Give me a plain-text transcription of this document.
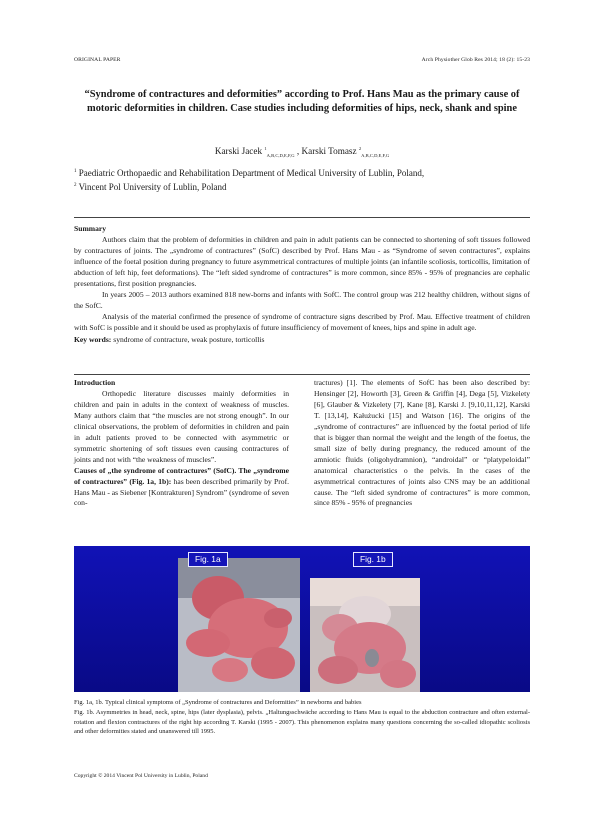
ORIGINAL PAPER	Arch Physiother Glob Res 2014; 18 (2): 15-23
“Syndrome of contractures and deformities” according to Prof. Hans Mau as the primary cause of motoric deformities in children. Case studies including deformities of hips, neck, shank and spine
Karski Jacek $^1_{A,B,C,D,E,F,G}$ , Karski Tomasz $^2_{A,B,C,D,E,F,G}$
$^1$ Paediatric Orthopaedic and Rehabilitation Department of Medical University of Lublin, Poland,
$^2$ Vincent Pol University of Lublin, Poland
Summary

Authors claim that the problem of deformities in children and pain in adult patients can be connected to shortening of soft tissues followed by contractures of joints. The „syndrome of contractures” (SofC) described by Prof. Hans Mau - as “Syndrome of seven contractures”, explains influence of the foetal position during pregnancy to future asymmetrical contractures of multiple joints (an infantile scoliosis, torticollis, limitation of abduction of left hip, feet deformations). The “left sided syndrome of contractures” is more common, since 85% - 95% of pregnancies are cephalic presentations, first position pregnancies.

In years 2005 – 2013 authors examined 818 new-borns and infants with SofC. The control group was 212 healthy children, without signs of the SofC.

Analysis of the material confirmed the presence of syndrome of contracture signs described by Prof. Mau. Effective treatment of children with SofC is possible and it should be used as prophylaxis of future insufficiency of movement of knees, hips and spine in adult age.

Key words: syndrome of contracture, weak posture, torticollis

Introduction

Orthopedic literature discusses mainly deformities in children and pain in adults in the context of weakness of muscles. Many authors claim that “the muscles are not strong enough”. In our clinical observations, the problem of deformities in children and pain in adult patients proved to be connected with asymmetric or symmetric shortening of soft tissues even causing contractures of joints and not with “the weakness of muscles”.

Causes of „the syndrome of contractures” (SofC). The „syndrome of contractures” (Fig. 1a, 1b): has been described primarily by Prof. Hans Mau - as Siebener [Kontrakturen] Syndrom” (syndrome of seven con-

tractures) [1]. The elements of SofC has been also described by: Hensinger [2], Howorth [3], Green & Griffin [4], Dega [5], Vizkelety [6], Glauber & Vizkelety [7], Kane [8], Karski J. [9,10,11,12], Karski T. [13,14], Kałużucki [15] and Watson [16]. The origins of the „syndrome of contractures” are influenced by the foetal period of life that is bigger than normal the weight and the length of the foetus, the small size of belly during pregnancy, the reduced amount of the amniotic fluids (oligohydramnion), “androidal” or “platypeloidal” anatomical characteristics o the pelvis. In the cases of the asymmetrical contractures of joints also CNS may be an additional cause. The “left sided syndrome of contractures” is more common, since 85% - 95% of pregnancies

Fig. 1a	Fig. 1b
Fig. 1a, 1b. Typical clinical symptoms of „Syndrome of contractures and Deformities” in newborns and babies
Fig. 1b. Asymmetries in head, neck, spine, hips (later dysplasia), pelvis. „Haltungsschwäche according to Hans Mau is equal to the abduction contracture and often external-rotation and flexion contractures of the right hip according T. Karski (1995 - 2007). This phenomenon explains many questions concerning the so-called idiopathic scoliosis and other deformities stated and unanswered till 1995.
Copyright © 2014 Vincent Pol University in Lublin, Poland
